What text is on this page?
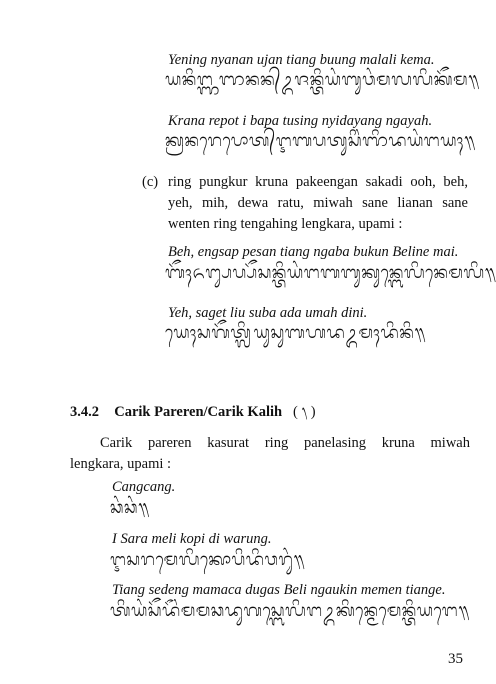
Yening nyanan ujan tiang buung malali kema.
ᬬᬦᬶᬗ᭄ᬜᬜᬦᬦ᭄ᬉᬚᬦ᭄ᬢᬶᬬᬂᬩᬸᬯᬂᬫᬮᬮᬶᬓᭂᬫ᭟
Krana repot i bapa tusing nyidayang ngayah.
ᬓ᭄ᬭᬦᬭᬾᬧᭀᬢ᭄ᬇᬩᬧᬢᬸᬲᬶᬂᬜᬶᬤᬬᬂᬗᬬᬄ᭟
(c) ring pungkur kruna pakeengan sakadi ooh, beh,
yeh, mih, dewa ratu, miwah sane lianan sane
wenten ring tengahing lengkara, upami :
Beh, engsap pesan tiang ngaba bukun Beline mai.
ᬩᭂᬄᬏᬗ᭄ᬲᬧ᭄ᬧᭂᬲᬦ᭄ᬢᬶᬬᬂᬗᬩᬩᬸᬓᬸᬦ᭄ᬩᬾᬮᬶᬦᬾᬫᬮᬶ᭟
Yeh, saget liu suba ada umah dini.
ᬬᬾᬄᬲᬕᭂᬢ᭄ᬮᬶᬬᬸᬲᬸᬩᬳᬤᬉᬫᬄᬤᬶᬦᬶ᭟
3.4.2 Carik Pareren/Carik Kalih ( ᭞ )
Carik pareren kasurat ring panelasing kruna miwah
lengkara, upami :
Cangcang.
ᬘᬂᬘᬂ᭟
I Sara meli kopi di warung.
ᬇᬲᬭᬫᬾᬮᬶᬓᭀᬧᬶᬤᬶᬯᬭᬸᬂ᭟
Tiang sedeng mamaca dugas Beli ngaukin memen tiange.
ᬢᬶᬬᬂᬲᭂᬤᭂᬂᬫᬫᬘᬤᬸᬕᬲ᭄ᬩᬾᬮᬶᬗᬉᬓᬶᬦ᭄ᬫᬾᬫᬾᬦ᭄ᬢᬶᬬᬗᬾ᭟
35
